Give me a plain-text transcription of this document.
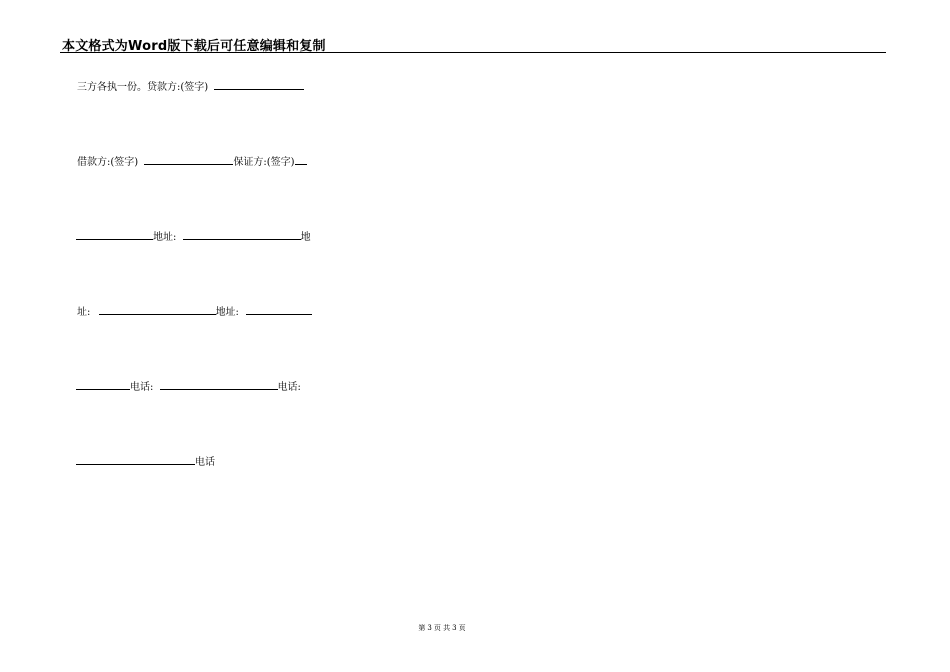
本文格式为Word版下载后可任意编辑和复制
三方各执一份。贷款方:(签字)
借款方:(签字)	保证方:(签字)
地址:	地
址:	地址:
电话:	电话:
电话
第 3 页 共 3 页
